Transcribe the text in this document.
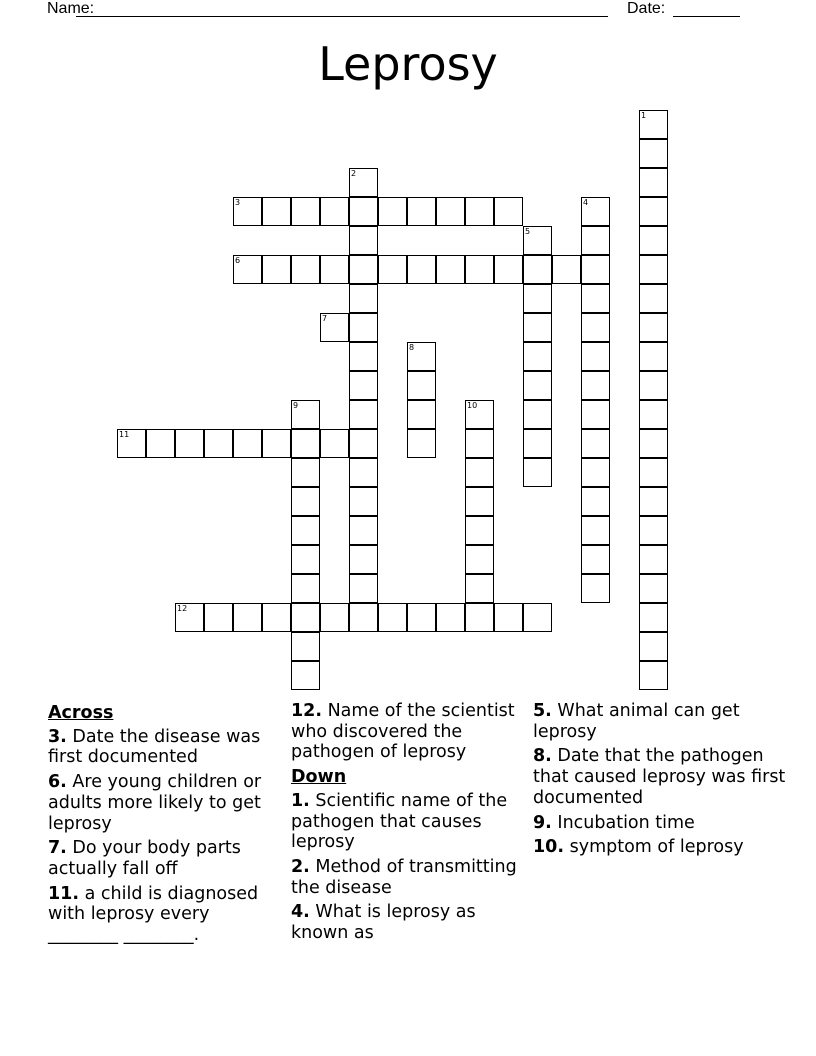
Name:	Date:
Leprosy
1
2
3	4
5
6
7
8
9	10
11
12
Across
3. Date the disease was first documented
6. Are young children or adults more likely to get leprosy
7. Do your body parts actually fall off
11. a child is diagnosed with leprosy every ________ ________.
12. Name of the scientist who discovered the pathogen of leprosy
Down
1. Scientific name of the pathogen that causes leprosy
2. Method of transmitting the disease
4. What is leprosy as known as
5. What animal can get leprosy
8. Date that the pathogen that caused leprosy was first documented
9. Incubation time
10. symptom of leprosy
